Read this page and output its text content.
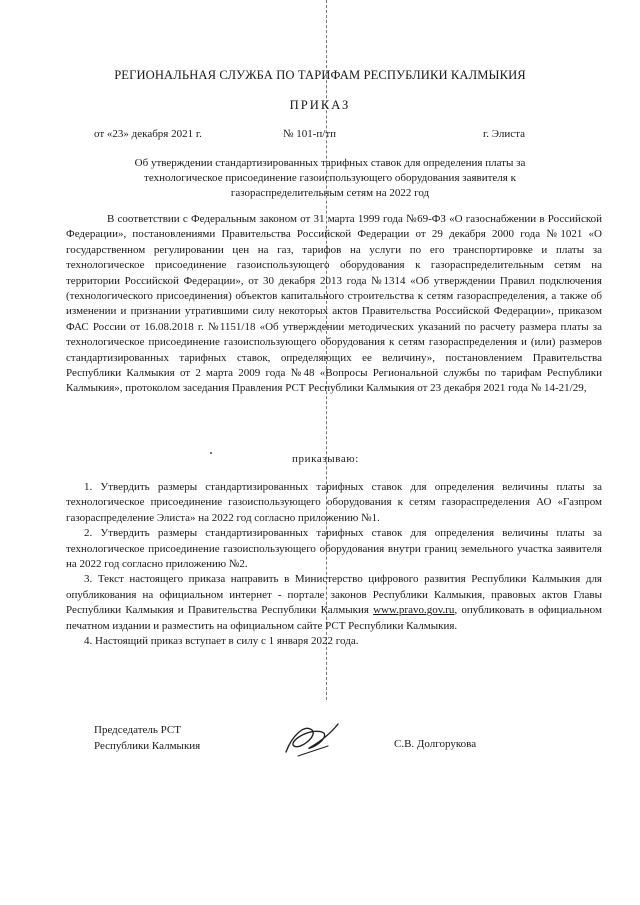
РЕГИОНАЛЬНАЯ СЛУЖБА ПО ТАРИФАМ РЕСПУБЛИКИ КАЛМЫКИЯ
ПРИКАЗ
от «23» декабря 2021 г.	№ 101-п/тп	г. Элиста
Об утверждении стандартизированных тарифных ставок для определения платы за технологическое присоединение газоиспользующего оборудования заявителя к газораспределительным сетям на 2022 год
В соответствии с Федеральным законом от 31 марта 1999 года №69-ФЗ «О газоснабжении в Российской Федерации», постановлениями Правительства Российской Федерации от 29 декабря 2000 года №1021 «О государственном регулировании цен на газ, тарифов на услуги по его транспортировке и платы за технологическое присоединение газоиспользующего оборудования к газораспределительным сетям на территории Российской Федерации», от 30 декабря 2013 года №1314 «Об утверждении Правил подключения (технологического присоединения) объектов капитального строительства к сетям газораспределения, а также об изменении и признании утратившими силу некоторых актов Правительства Российской Федерации», приказом ФАС России от 16.08.2018 г. №1151/18 «Об утверждении методических указаний по расчету размера платы за технологическое присоединение газоиспользующего оборудования к сетям газораспределения и (или) размеров стандартизированных тарифных ставок, определяющих ее величину», постановлением Правительства Республики Калмыкия от 2 марта 2009 года №48 «Вопросы Региональной службы по тарифам Республики Калмыкия», протоколом заседания Правления РСТ Республики Калмыкия от 23 декабря 2021 года № 14-21/29,
приказываю:

1. Утвердить размеры стандартизированных тарифных ставок для определения величины платы за технологическое присоединение газоиспользующего оборудования к сетям газораспределения АО «Газпром газораспределение Элиста» на 2022 год согласно приложению №1.

2. Утвердить размеры стандартизированных тарифных ставок для определения величины платы за технологическое присоединение газоиспользующего оборудования внутри границ земельного участка заявителя на 2022 год согласно приложению №2.

3. Текст настоящего приказа направить в Министерство цифрового развития Республики Калмыкия для опубликования на официальном интернет - портале законов Республики Калмыкия, правовых актов Главы Республики Калмыкия и Правительства Республики Калмыкия www.pravo.gov.ru, опубликовать в официальном печатном издании и разместить на официальном сайте РСТ Республики Калмыкия.

4. Настоящий приказ вступает в силу с 1 января 2022 года.

Председатель РСТ
Республики Калмыкия	С.В. Долгорукова
